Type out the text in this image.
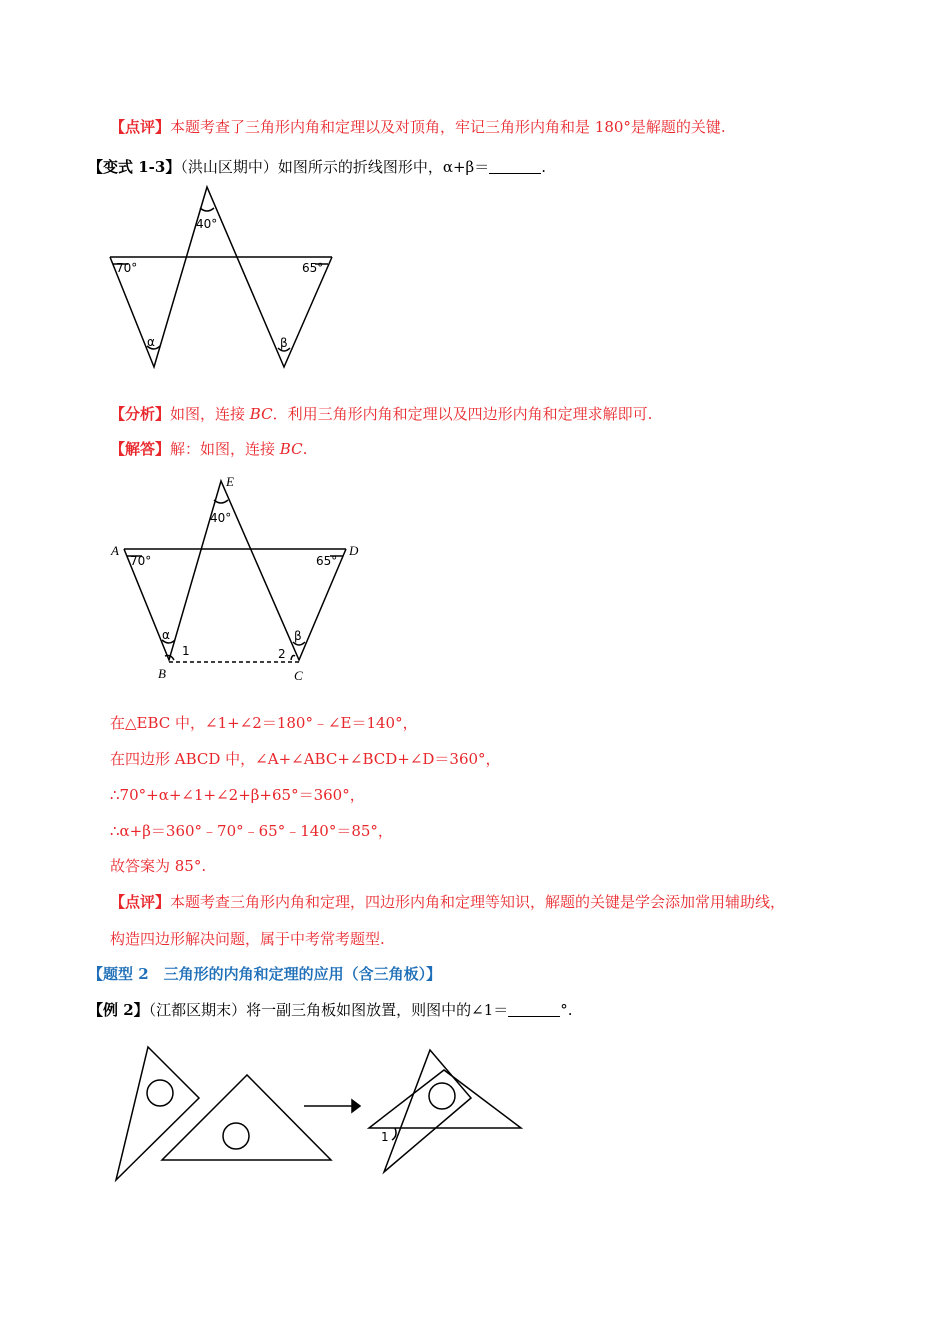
【点评】本题考查了三角形内角和定理以及对顶角，牢记三角形内角和是 180°是解题的关键.
【变式 1-3】（洪山区期中）如图所示的折线图形中，α+β＝	.
40°
70°	65°
α	β
【分析】如图，连接 BC．利用三角形内角和定理以及四边形内角和定理求解即可.
【解答】解：如图，连接 BC.
E
A	D
B	C
40°
70°	65°
α	β
1	2
在△EBC 中，∠1+∠2＝180°﹣∠E＝140°，
在四边形 ABCD 中，∠A+∠ABC+∠BCD+∠D＝360°，
∴70°+α+∠1+∠2+β+65°＝360°，
∴α+β＝360°﹣70°﹣65°﹣140°＝85°，
故答案为 85°.
【点评】本题考查三角形内角和定理，四边形内角和定理等知识，解题的关键是学会添加常用辅助线，
构造四边形解决问题，属于中考常考题型.
【题型 2　三角形的内角和定理的应用（含三角板）】
【例 2】（江都区期末）将一副三角板如图放置，则图中的∠1＝	°.
1
